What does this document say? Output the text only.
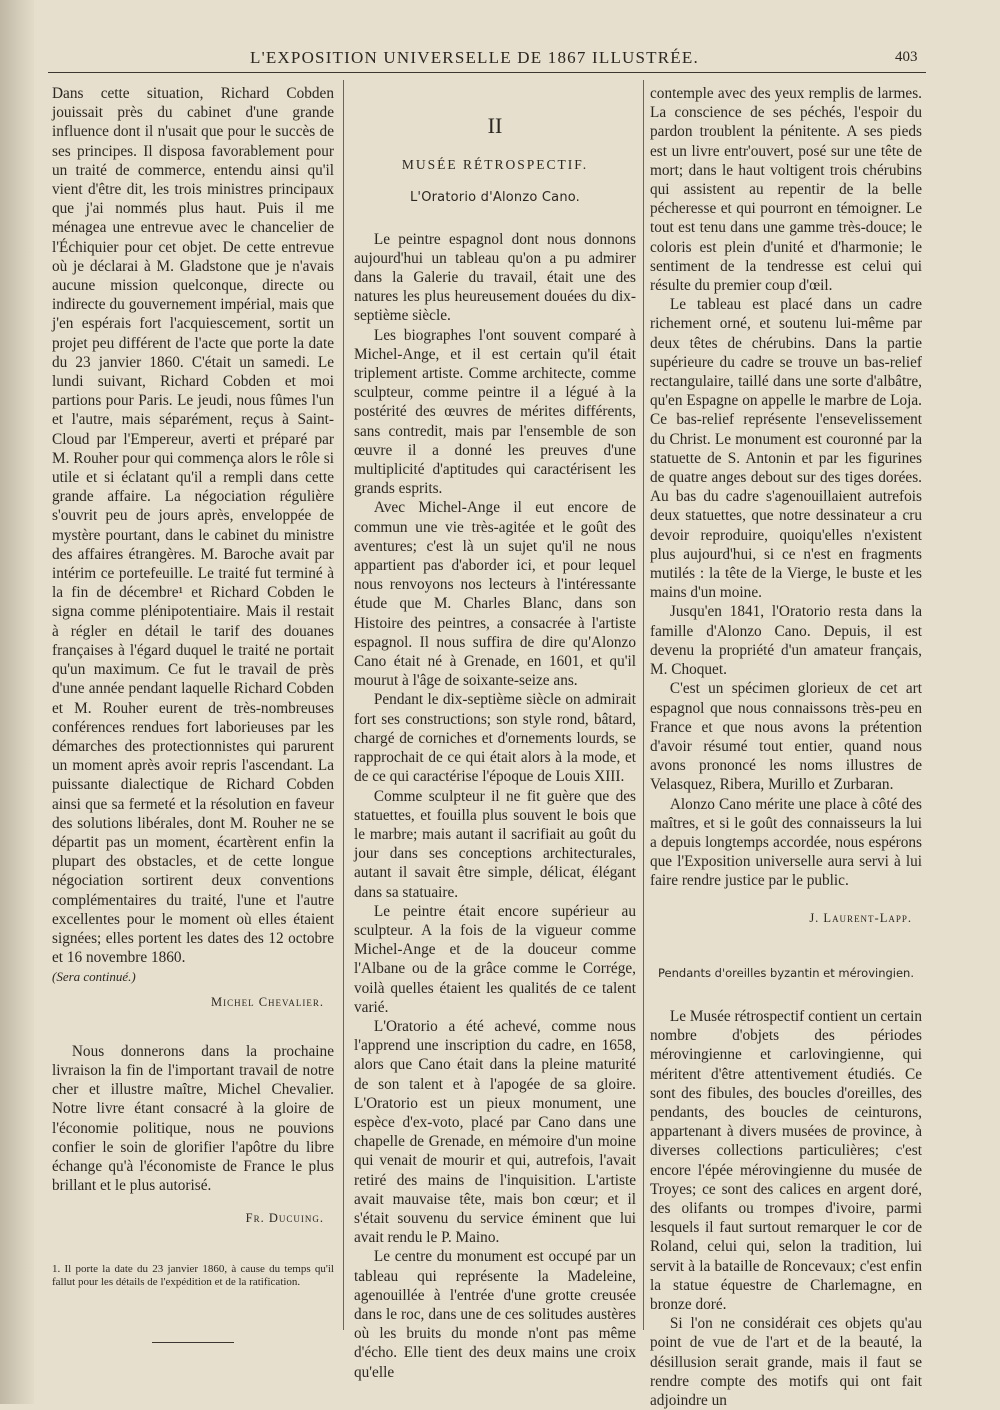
L'EXPOSITION UNIVERSELLE DE 1867 ILLUSTRÉE.	403

Dans cette situation, Richard Cobden jouissait près du cabinet d'une grande influence dont il n'usait que pour le succès de ses principes. Il disposa favorablement pour un traité de commerce, entendu ainsi qu'il vient d'être dit, les trois ministres principaux que j'ai nommés plus haut. Puis il me ménagea une entrevue avec le chancelier de l'Échiquier pour cet objet. De cette entrevue où je déclarai à M. Gladstone que je n'avais aucune mission quelconque, directe ou indirecte du gouvernement impérial, mais que j'en espérais fort l'acquiescement, sortit un projet peu différent de l'acte que porte la date du 23 janvier 1860. C'était un samedi. Le lundi suivant, Richard Cobden et moi partions pour Paris. Le jeudi, nous fûmes l'un et l'autre, mais séparément, reçus à Saint-Cloud par l'Empereur, averti et préparé par M. Rouher pour qui commença alors le rôle si utile et si éclatant qu'il a rempli dans cette grande affaire. La négociation régulière s'ouvrit peu de jours après, enveloppée de mystère pourtant, dans le cabinet du ministre des affaires étrangères. M. Baroche avait par intérim ce portefeuille. Le traité fut terminé à la fin de décembre¹ et Richard Cobden le signa comme plénipotentiaire. Mais il restait à régler en détail le tarif des douanes françaises à l'égard duquel le traité ne portait qu'un maximum. Ce fut le travail de près d'une année pendant laquelle Richard Cobden et M. Rouher eurent de très-nombreuses conférences rendues fort laborieuses par les démarches des protectionnistes qui parurent un moment après avoir repris l'ascendant. La puissante dialectique de Richard Cobden ainsi que sa fermeté et la résolution en faveur des solutions libérales, dont M. Rouher ne se départit pas un moment, écartèrent enfin la plupart des obstacles, et de cette longue négociation sortirent deux conventions complémentaires du traité, l'une et l'autre excellentes pour le moment où elles étaient signées; elles portent les dates des 12 octobre et 16 novembre 1860.

(Sera continué.)

Michel Chevalier.

Nous donnerons dans la prochaine livraison la fin de l'important travail de notre cher et illustre maître, Michel Chevalier. Notre livre étant consacré à la gloire de l'économie politique, nous ne pouvions confier le soin de glorifier l'apôtre du libre échange qu'à l'économiste de France le plus brillant et le plus autorisé.

Fr. Ducuing.
1. Il porte la date du 23 janvier 1860, à cause du temps qu'il fallut pour les détails de l'expédition et de la ratification.
II
MUSÉE RÉTROSPECTIF.
L'Oratorio d'Alonzo Cano.

Le peintre espagnol dont nous donnons aujourd'hui un tableau qu'on a pu admirer dans la Galerie du travail, était une des natures les plus heureusement douées du dix-septième siècle.

Les biographes l'ont souvent comparé à Michel-Ange, et il est certain qu'il était triplement artiste. Comme architecte, comme sculpteur, comme peintre il a légué à la postérité des œuvres de mérites différents, sans contredit, mais par l'ensemble de son œuvre il a donné les preuves d'une multiplicité d'aptitudes qui caractérisent les grands esprits.

Avec Michel-Ange il eut encore de commun une vie très-agitée et le goût des aventures; c'est là un sujet qu'il ne nous appartient pas d'aborder ici, et pour lequel nous renvoyons nos lecteurs à l'intéressante étude que M. Charles Blanc, dans son Histoire des peintres, a consacrée à l'artiste espagnol. Il nous suffira de dire qu'Alonzo Cano était né à Grenade, en 1601, et qu'il mourut à l'âge de soixante-seize ans.

Pendant le dix-septième siècle on admirait fort ses constructions; son style rond, bâtard, chargé de corniches et d'ornements lourds, se rapprochait de ce qui était alors à la mode, et de ce qui caractérise l'époque de Louis XIII.

Comme sculpteur il ne fit guère que des statuettes, et fouilla plus souvent le bois que le marbre; mais autant il sacrifiait au goût du jour dans ses conceptions architecturales, autant il savait être simple, délicat, élégant dans sa statuaire.

Le peintre était encore supérieur au sculpteur. A la fois de la vigueur comme Michel-Ange et de la douceur comme l'Albane ou de la grâce comme le Corrége, voilà quelles étaient les qualités de ce talent varié.

L'Oratorio a été achevé, comme nous l'apprend une inscription du cadre, en 1658, alors que Cano était dans la pleine maturité de son talent et à l'apogée de sa gloire. L'Oratorio est un pieux monument, une espèce d'ex-voto, placé par Cano dans une chapelle de Grenade, en mémoire d'un moine qui venait de mourir et qui, autrefois, l'avait retiré des mains de l'inquisition. L'artiste avait mauvaise tête, mais bon cœur; et il s'était souvenu du service éminent que lui avait rendu le P. Maino.

Le centre du monument est occupé par un tableau qui représente la Madeleine, agenouillée à l'entrée d'une grotte creusée dans le roc, dans une de ces solitudes austères où les bruits du monde n'ont pas même d'écho. Elle tient des deux mains une croix qu'elle

contemple avec des yeux remplis de larmes. La conscience de ses péchés, l'espoir du pardon troublent la pénitente. A ses pieds est un livre entr'ouvert, posé sur une tête de mort; dans le haut voltigent trois chérubins qui assistent au repentir de la belle pécheresse et qui pourront en témoigner. Le tout est tenu dans une gamme très-douce; le coloris est plein d'unité et d'harmonie; le sentiment de la tendresse est celui qui résulte du premier coup d'œil.

Le tableau est placé dans un cadre richement orné, et soutenu lui-même par deux têtes de chérubins. Dans la partie supérieure du cadre se trouve un bas-relief rectangulaire, taillé dans une sorte d'albâtre, qu'en Espagne on appelle le marbre de Loja. Ce bas-relief représente l'ensevelissement du Christ. Le monument est couronné par la statuette de S. Antonin et par les figurines de quatre anges debout sur des tiges dorées. Au bas du cadre s'agenouillaient autrefois deux statuettes, que notre dessinateur a cru devoir reproduire, quoiqu'elles n'existent plus aujourd'hui, si ce n'est en fragments mutilés : la tête de la Vierge, le buste et les mains d'un moine.

Jusqu'en 1841, l'Oratorio resta dans la famille d'Alonzo Cano. Depuis, il est devenu la propriété d'un amateur français, M. Choquet.

C'est un spécimen glorieux de cet art espagnol que nous connaissons très-peu en France et que nous avons la prétention d'avoir résumé tout entier, quand nous avons prononcé les noms illustres de Velasquez, Ribera, Murillo et Zurbaran.

Alonzo Cano mérite une place à côté des maîtres, et si le goût des connaisseurs la lui a depuis longtemps accordée, nous espérons que l'Exposition universelle aura servi à lui faire rendre justice par le public.

J. Laurent-Lapp.
Pendants d'oreilles byzantin et mérovingien.

Le Musée rétrospectif contient un certain nombre d'objets des périodes mérovingienne et carlovingienne, qui méritent d'être attentivement étudiés. Ce sont des fibules, des boucles d'oreilles, des pendants, des boucles de ceinturons, appartenant à divers musées de province, à diverses collections particulières; c'est encore l'épée mérovingienne du musée de Troyes; ce sont des calices en argent doré, des olifants ou trompes d'ivoire, parmi lesquels il faut surtout remarquer le cor de Roland, celui qui, selon la tradition, lui servit à la bataille de Roncevaux; c'est enfin la statue équestre de Charlemagne, en bronze doré.

Si l'on ne considérait ces objets qu'au point de vue de l'art et de la beauté, la désillusion serait grande, mais il faut se rendre compte des motifs qui ont fait adjoindre un
